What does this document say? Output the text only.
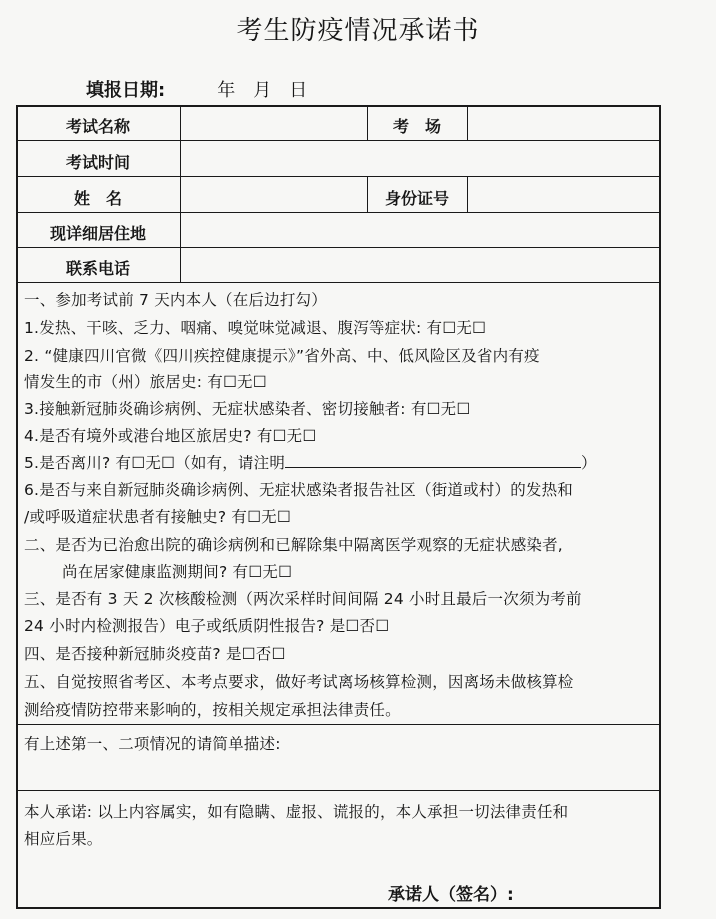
考生防疫情况承诺书
填报日期:	年　月　日
考试名称	考　场
考试时间
姓　名	身份证号
现详细居住地
联系电话
一、参加考试前 7 天内本人（在后边打勾）
1.发热、干咳、乏力、咽痛、嗅觉味觉减退、腹泻等症状: 有☐无☐
2. “健康四川官微《四川疾控健康提示》”省外高、中、低风险区及省内有疫
情发生的市（州）旅居史: 有☐无☐
3.接触新冠肺炎确诊病例、无症状感染者、密切接触者: 有☐无☐
4.是否有境外或港台地区旅居史? 有☐无☐
5.是否离川? 有☐无☐（如有，请注明	）
6.是否与来自新冠肺炎确诊病例、无症状感染者报告社区（街道或村）的发热和
/或呼吸道症状患者有接触史? 有☐无☐
二、是否为已治愈出院的确诊病例和已解除集中隔离医学观察的无症状感染者,
尚在居家健康监测期间? 有☐无☐
三、是否有 3 天 2 次核酸检测（两次采样时间间隔 24 小时且最后一次须为考前
24 小时内检测报告）电子或纸质阴性报告? 是☐否☐
四、是否接种新冠肺炎疫苗? 是☐否☐
五、自觉按照省考区、本考点要求，做好考试离场核算检测，因离场未做核算检
测给疫情防控带来影响的，按相关规定承担法律责任。
有上述第一、二项情况的请简单描述:
本人承诺: 以上内容属实，如有隐瞒、虚报、谎报的，本人承担一切法律责任和
相应后果。
承诺人（签名）:
